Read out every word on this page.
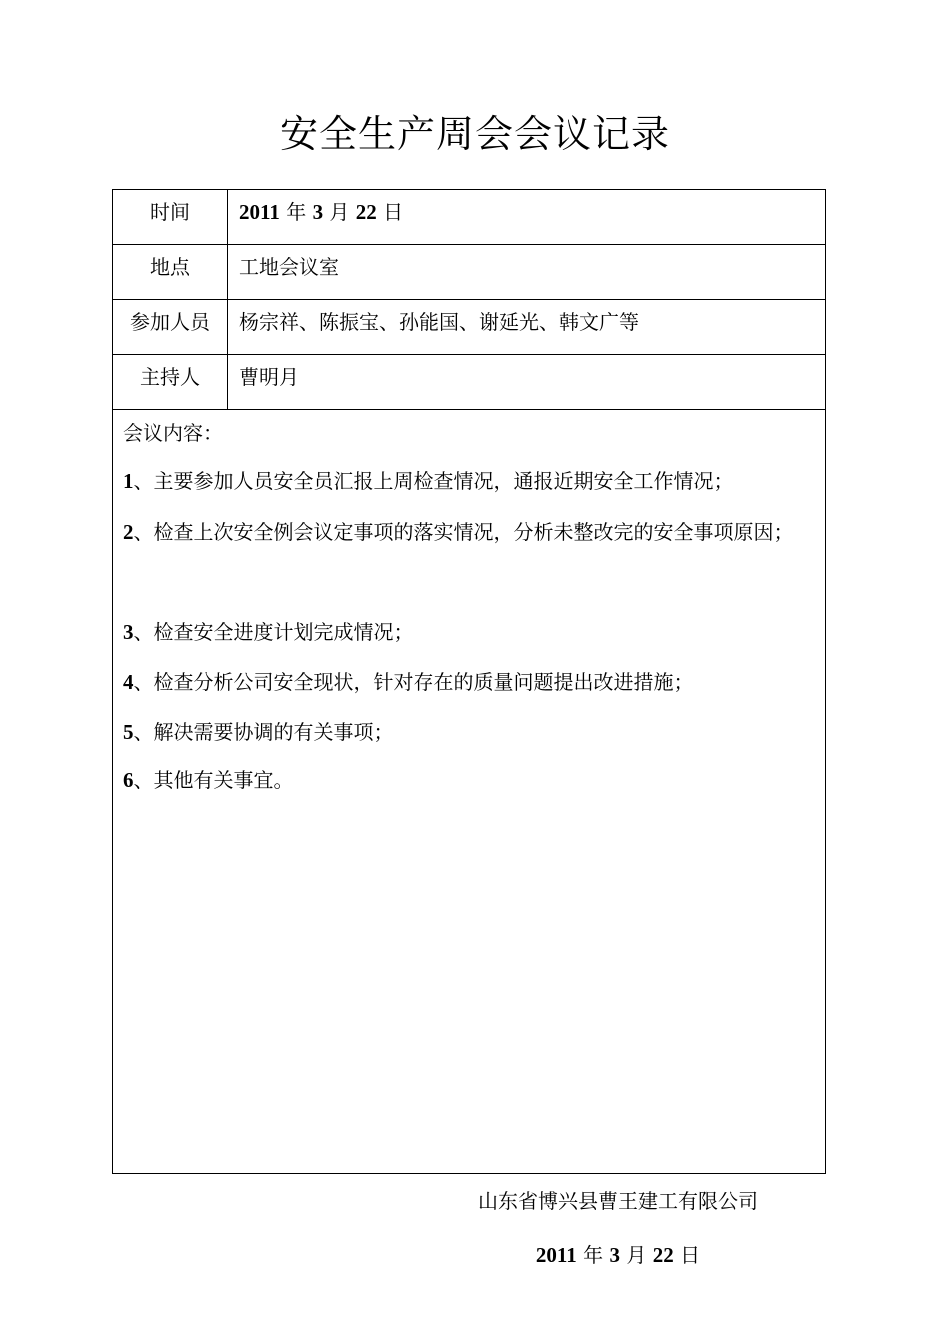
安全生产周会会议记录
时间	2011 年 3 月 22 日
地点	工地会议室
参加人员	杨宗祥、陈振宝、孙能国、谢延光、韩文广等
主持人	曹明月
会议内容：
1、主要参加人员安全员汇报上周检查情况，通报近期安全工作情况；
2、检查上次安全例会议定事项的落实情况，分析未整改完的安全事项原因；
3、检查安全进度计划完成情况；
4、检查分析公司安全现状，针对存在的质量问题提出改进措施；
5、解决需要协调的有关事项；
6、其他有关事宜。
山东省博兴县曹王建工有限公司
2011 年 3 月 22 日
